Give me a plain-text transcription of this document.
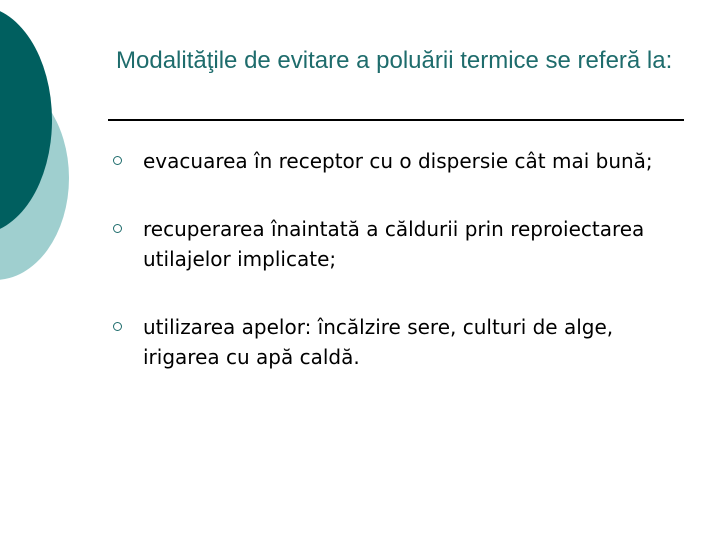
Modalităţile de evitare a poluării termice se referă la:
evacuarea în receptor cu o dispersie cât mai bună;
recuperarea înaintată a căldurii prin reproiectarea utilajelor implicate;
utilizarea apelor: încălzire sere, culturi de alge, irigarea cu apă caldă.
